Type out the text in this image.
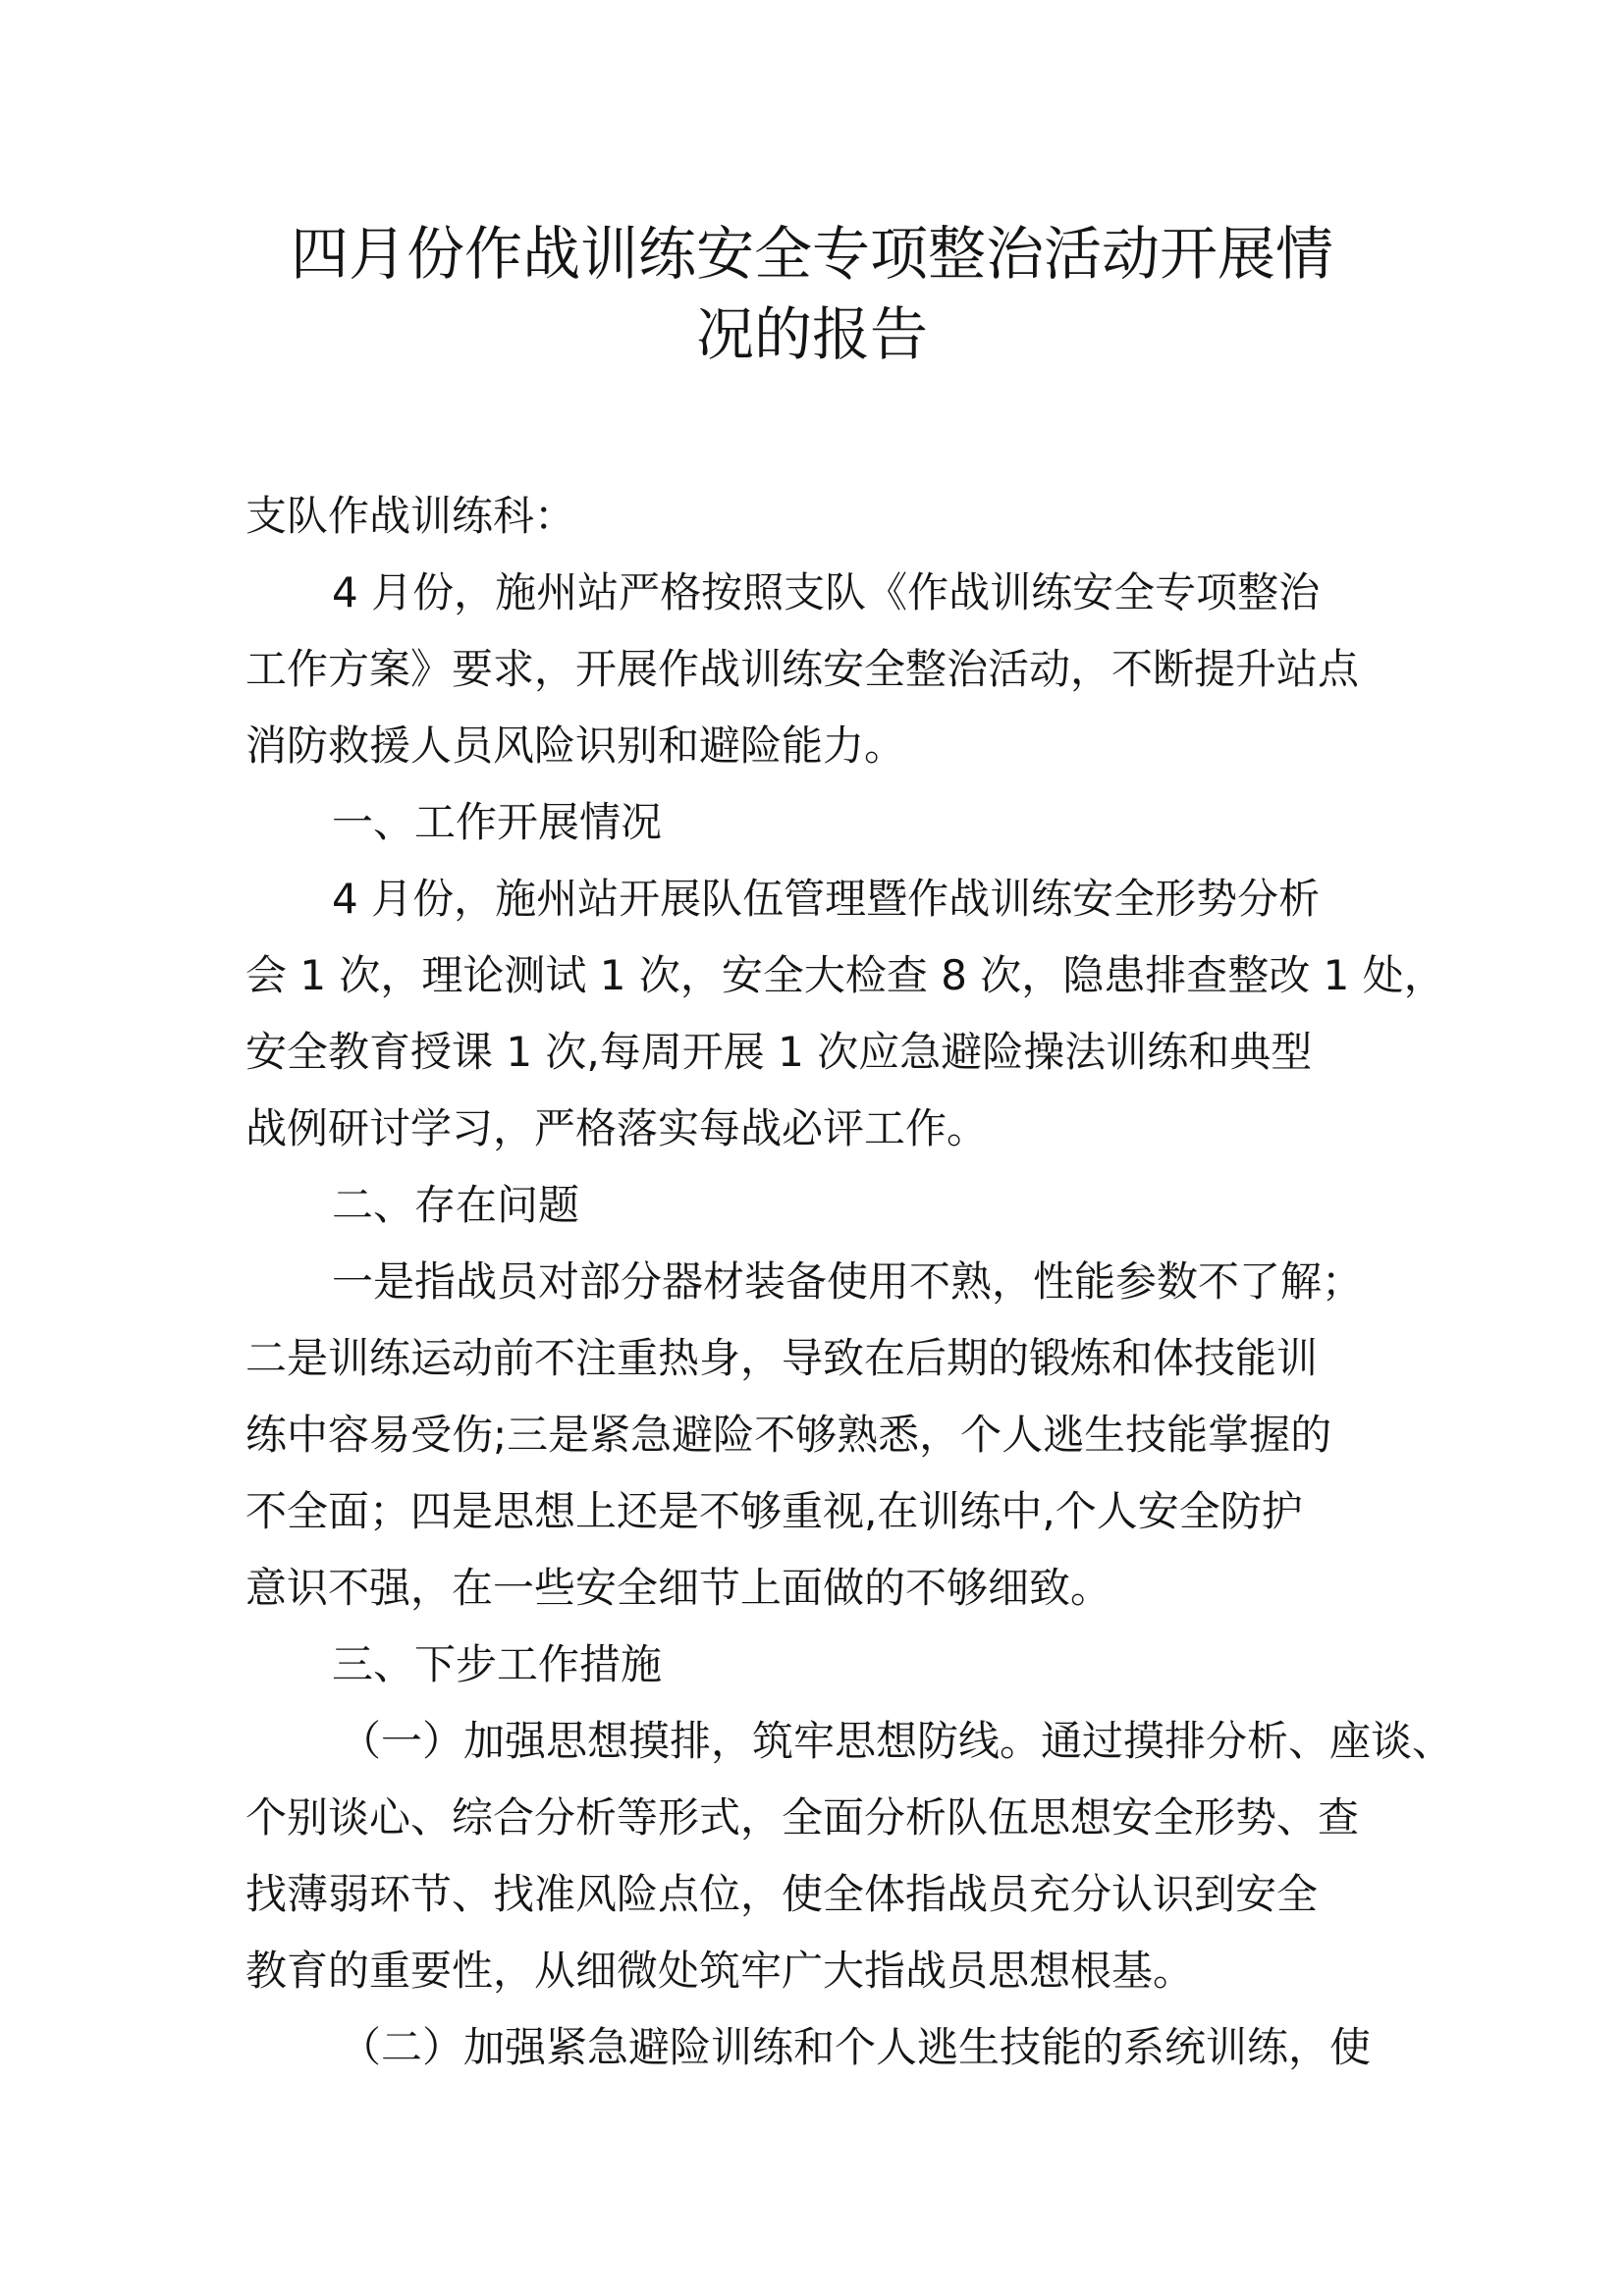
四月份作战训练安全专项整治活动开展情
况的报告
支队作战训练科：
4 月份，施州站严格按照支队《作战训练安全专项整治
工作方案》要求，开展作战训练安全整治活动，不断提升站点
消防救援人员风险识别和避险能力。
一、工作开展情况
4 月份，施州站开展队伍管理暨作战训练安全形势分析
会 1 次，理论测试 1 次，安全大检查 8 次，隐患排查整改 1 处，
安全教育授课 1 次,每周开展 1 次应急避险操法训练和典型
战例研讨学习，严格落实每战必评工作。
二、存在问题
一是指战员对部分器材装备使用不熟，性能参数不了解；
二是训练运动前不注重热身，导致在后期的锻炼和体技能训
练中容易受伤;三是紧急避险不够熟悉，个人逃生技能掌握的
不全面；四是思想上还是不够重视,在训练中,个人安全防护
意识不强，在一些安全细节上面做的不够细致。
三、下步工作措施
（一）加强思想摸排，筑牢思想防线。通过摸排分析、座谈、
个别谈心、综合分析等形式，全面分析队伍思想安全形势、查
找薄弱环节、找准风险点位，使全体指战员充分认识到安全
教育的重要性，从细微处筑牢广大指战员思想根基。
（二）加强紧急避险训练和个人逃生技能的系统训练，使
